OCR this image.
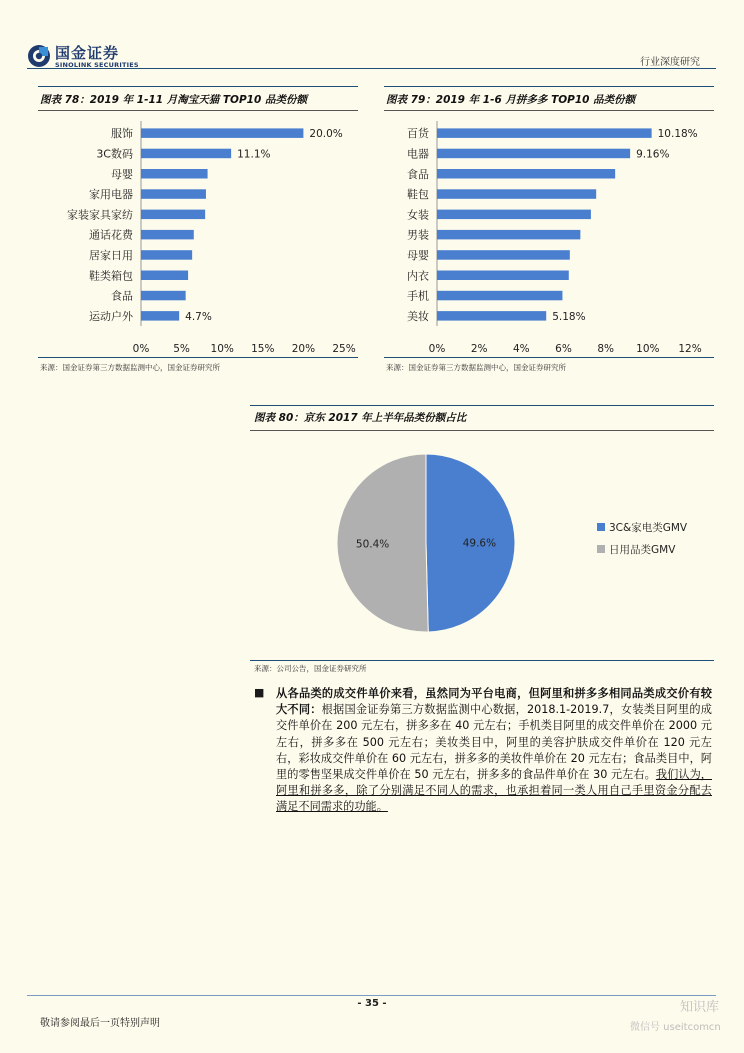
国金证券
SINOLINK SECURITIES	行业深度研究
图表 78：2019 年 1-11 月淘宝天猫 TOP10 品类份额
服饰	20.0%
3C数码	11.1%
母婴
家用电器
家装家具家纺
通话花费
居家日用
鞋类箱包
食品
运动户外	4.7%
0% 5% 10% 15% 20% 25%
来源：国金证券第三方数据监测中心，国金证券研究所
图表 79：2019 年 1-6 月拼多多 TOP10 品类份额
百货	10.18%
电器	9.16%
食品
鞋包
女装
男装
母婴
内衣
手机
美妆	5.18%
0% 2% 4% 6% 8% 10% 12%
来源：国金证券第三方数据监测中心，国金证券研究所
图表 80：京东 2017 年上半年品类份额占比
49.6%
50.4%
3C&家电类GMV
日用品类GMV
来源：公司公告，国金证券研究所
■ 从各品类的成交件单价来看，虽然同为平台电商，但阿里和拼多多相同品类成交价有较大不同：根据国金证券第三方数据监测中心数据，2018.1-2019.7，女装类目阿里的成交件单价在 200 元左右，拼多多在 40 元左右；手机类目阿里的成交件单价在 2000 元左右，拼多多在 500 元左右；美妆类目中，阿里的美容护肤成交件单价在 120 元左右，彩妆成交件单价在 60 元左右，拼多多的美妆件单价在 20 元左右；食品类目中，阿里的零售坚果成交件单价在 50 元左右，拼多多的食品件单价在 30 元左右。我们认为，阿里和拼多多，除了分别满足不同人的需求，也承担着同一类人用自己手里资金分配去满足不同需求的功能。
- 35 -
敬请参阅最后一页特别声明
知识库
微信号 useitcomcn
